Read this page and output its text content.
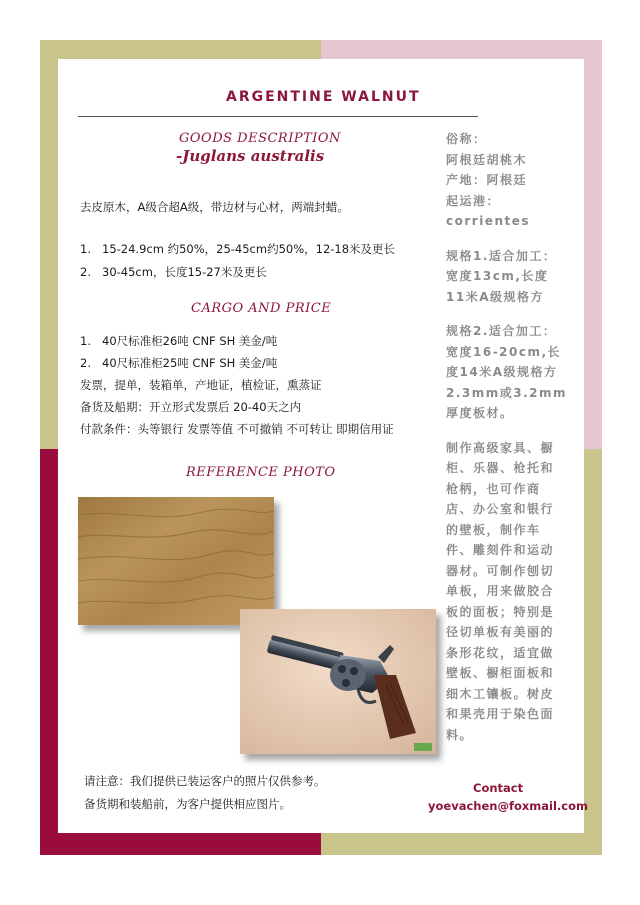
ARGENTINE WALNUT
GOODS DESCRIPTION
-Juglans australis
去皮原木，A级合超A级，带边材与心材，两端封蜡。
1. 15-24.9cm 约50%，25-45cm约50%，12-18米及更长
2. 30-45cm，长度15-27米及更长
CARGO AND PRICE
1. 40尺标准柜26吨 CNF SH 美金/吨
2. 40尺标准柜25吨 CNF SH 美金/吨
发票，提单，装箱单，产地证，植检证，熏蒸证
备货及船期：开立形式发票后 20-40天之内
付款条件：头等银行 发票等值 不可撤销 不可转让 即期信用证
REFERENCE PHOTO
俗称：
阿根廷胡桃木
产地：阿根廷
起运港：
corrientes
规格1.适合加工：
宽度13cm,长度
11米A级规格方
规格2.适合加工：
宽度16-20cm,长
度14米A级规格方
2.3mm或3.2mm
厚度板材。
制作高级家具、橱
柜、乐器、枪托和
枪柄，也可作商
店、办公室和银行
的壁板，制作车
件、雕刻件和运动
器材。可制作刨切
单板，用来做胶合
板的面板；特别是
径切单板有美丽的
条形花纹，适宜做
壁板、橱柜面板和
细木工镶板。树皮
和果壳用于染色面
料。
请注意：我们提供已装运客户的照片仅供参考。
备货期和装船前，为客户提供相应图片。
Contact
yoevachen@foxmail.com
